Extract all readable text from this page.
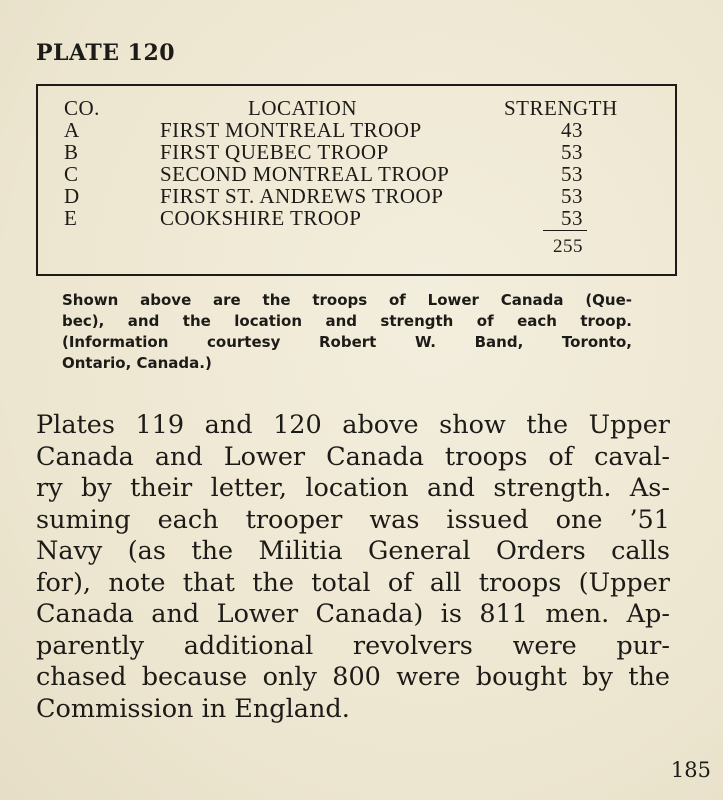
PLATE 120
CO.	LOCATION	STRENGTH
A	FIRST MONTREAL TROOP	43
B	FIRST QUEBEC TROOP	53
C	SECOND MONTREAL TROOP	53
D	FIRST ST. ANDREWS TROOP	53
E	COOKSHIRE TROOP	53
255
Shown above are the troops of Lower Canada (Que-
bec), and the location and strength of each troop.
(Information courtesy Robert W. Band, Toronto,
Ontario, Canada.)
Plates 119 and 120 above show the Upper
Canada and Lower Canada troops of caval-
ry by their letter, location and strength. As-
suming each trooper was issued one ’51
Navy (as the Militia General Orders calls
for), note that the total of all troops (Upper
Canada and Lower Canada) is 811 men. Ap-
parently additional revolvers were pur-
chased because only 800 were bought by the
Commission in England.
185
